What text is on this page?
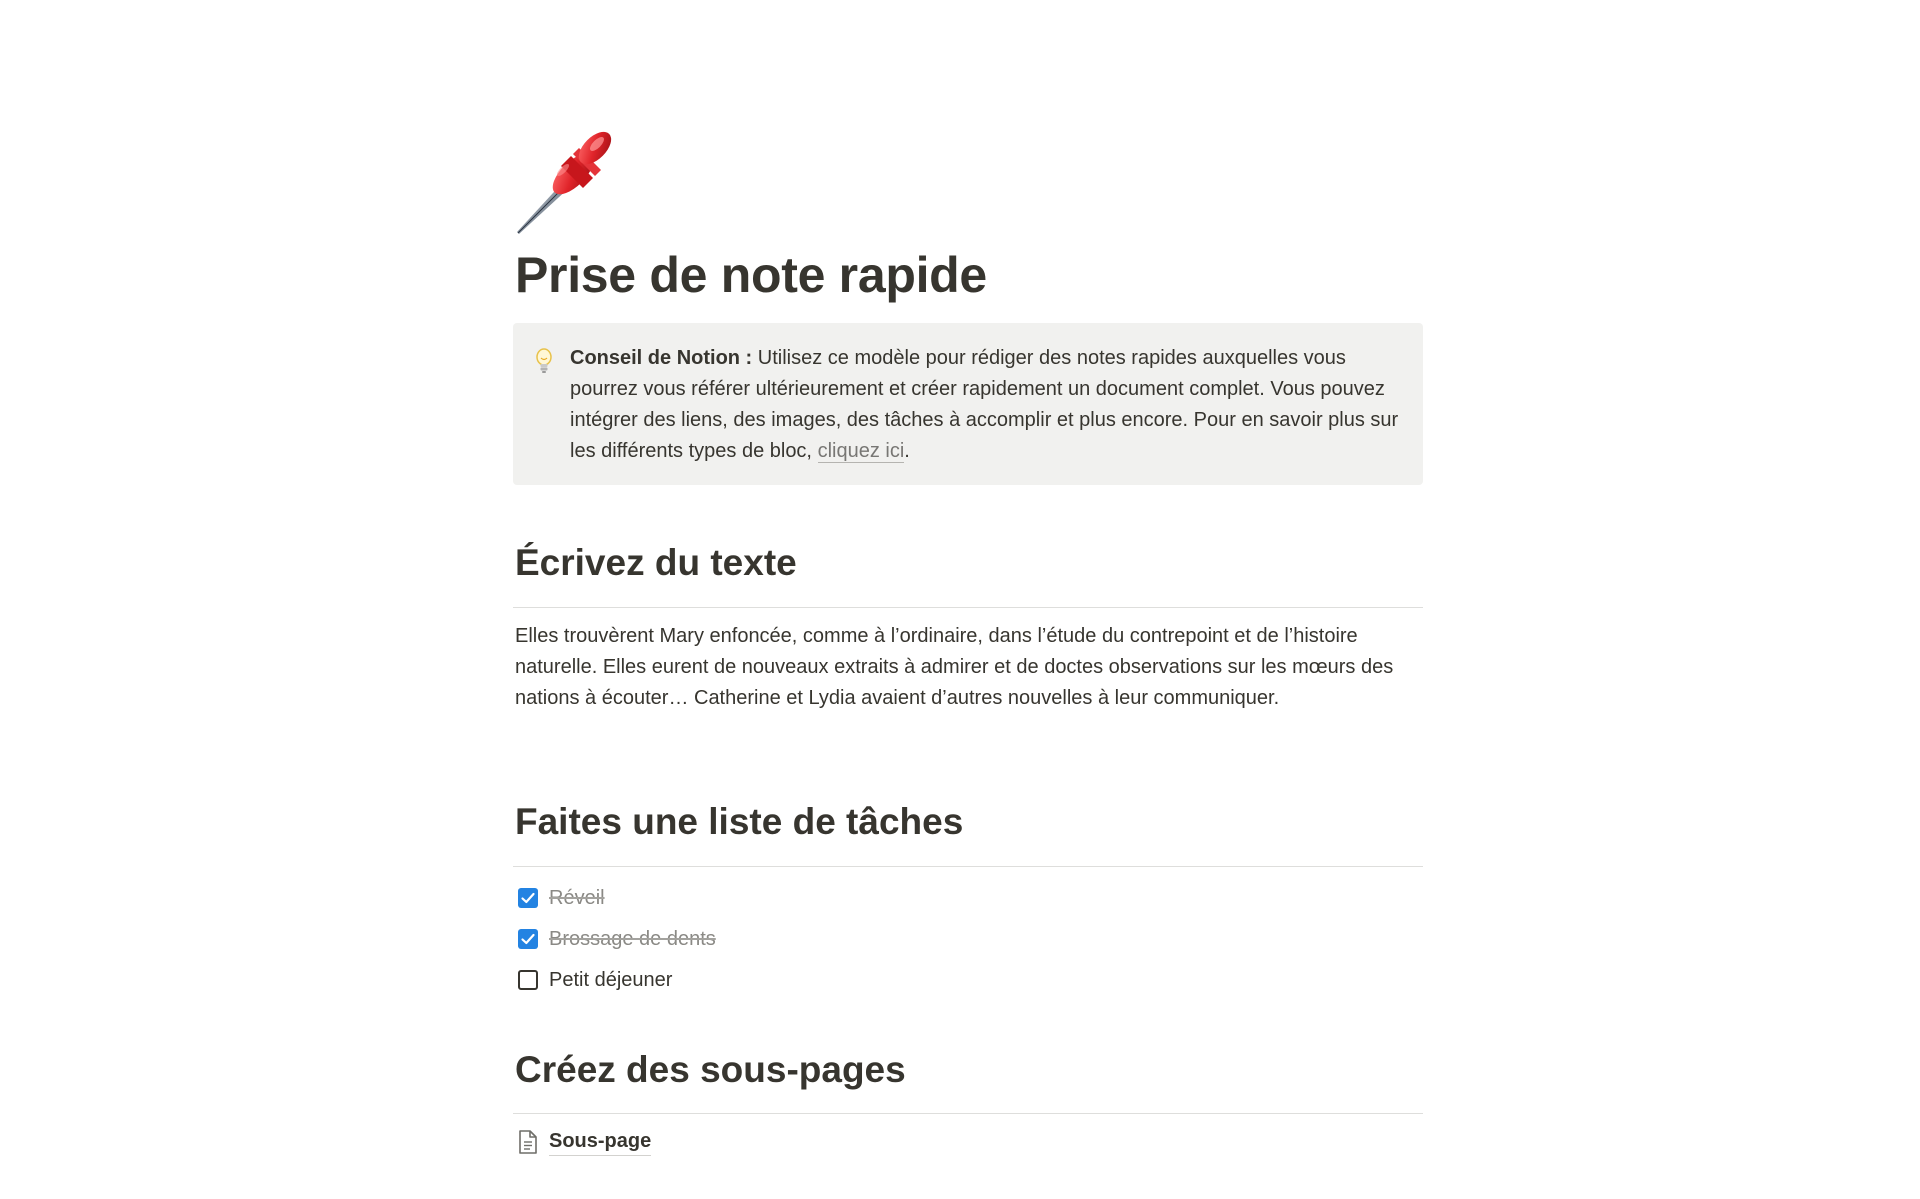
Prise de note rapide
Conseil de Notion : Utilisez ce modèle pour rédiger des notes rapides auxquelles vous pourrez vous référer ultérieurement et créer rapidement un document complet. Vous pouvez intégrer des liens, des images, des tâches à accomplir et plus encore. Pour en savoir plus sur les différents types de bloc, cliquez ici.
Écrivez du texte

Elles trouvèrent Mary enfoncée, comme à l’ordinaire, dans l’étude du contrepoint et de l’histoire naturelle. Elles eurent de nouveaux extraits à admirer et de doctes observations sur les mœurs des nations à écouter… Catherine et Lydia avaient d’autres nouvelles à leur communiquer.

Faites une liste de tâches
Réveil
Brossage de dents
Petit déjeuner
Créez des sous-pages
Sous-page
